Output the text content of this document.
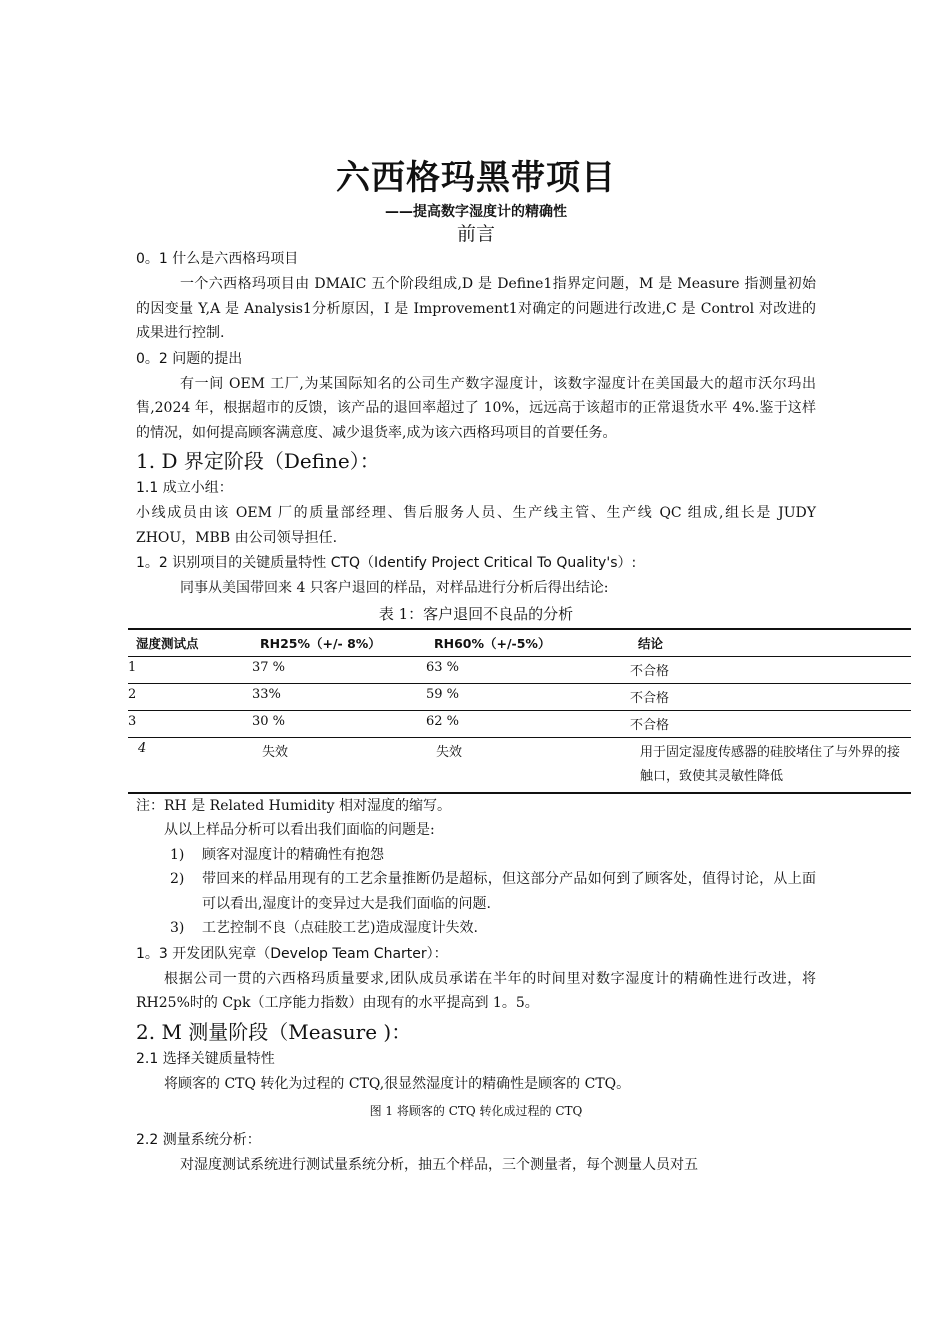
六西格玛黑带项目
——提高数字湿度计的精确性
前言
0。1 什么是六西格玛项目

一个六西格玛项目由 DMAIC 五个阶段组成,D 是 Define1指界定问题，M 是 Measure 指测量初始的因变量 Y,A 是 Analysis1分析原因，I 是 Improvement1对确定的问题进行改进,C 是 Control 对改进的成果进行控制.

0。2 问题的提出

有一间 OEM 工厂,为某国际知名的公司生产数字湿度计，该数字湿度计在美国最大的超市沃尔玛出售,2024 年，根据超市的反馈，该产品的退回率超过了 10%，远远高于该超市的正常退货水平 4%.鉴于这样的情况，如何提高顾客满意度、减少退货率,成为该六西格玛项目的首要任务。

1. D 界定阶段（Define）：
1.1 成立小组：

小线成员由该 OEM 厂的质量部经理、售后服务人员、生产线主管、生产线 QC 组成,组长是 JUDY　ZHOU，MBB 由公司领导担任.

1。2 识别项目的关键质量特性 CTQ（Identify Project Critical To Quality's）:

同事从美国带回来 4 只客户退回的样品，对样品进行分析后得出结论:

表 1：客户退回不良品的分析
湿度测试点	RH25%（+/- 8%）	RH60%（+/-5%）	结论
1	37 %	63 %	不合格
2	33%	59 %	不合格
3	30 %	62 %	不合格
4	失效	失效	用于固定湿度传感器的硅胶堵住了与外界的接触口，致使其灵敏性降低

注：RH 是 Related Humidity 相对湿度的缩写。

从以上样品分析可以看出我们面临的问题是:

1)	顾客对湿度计的精确性有抱怨
2)	带回来的样品用现有的工艺余量推断仍是超标，但这部分产品如何到了顾客处，值得讨论，从上面可以看出,湿度计的变异过大是我们面临的问题.
3)	工艺控制不良（点硅胶工艺)造成湿度计失效.
1。3 开发团队宪章（Develop Team Charter）：

根据公司一贯的六西格玛质量要求,团队成员承诺在半年的时间里对数字湿度计的精确性进行改进，将 RH25%时的 Cpk（工序能力指数）由现有的水平提高到 1。5。

2. M 测量阶段（Measure )：
2.1 选择关键质量特性

将顾客的 CTQ 转化为过程的 CTQ,很显然湿度计的精确性是顾客的 CTQ。

图 1 将顾客的 CTQ 转化成过程的 CTQ
2.2 测量系统分析：

对湿度测试系统进行测试量系统分析，抽五个样品，三个测量者，每个测量人员对五
